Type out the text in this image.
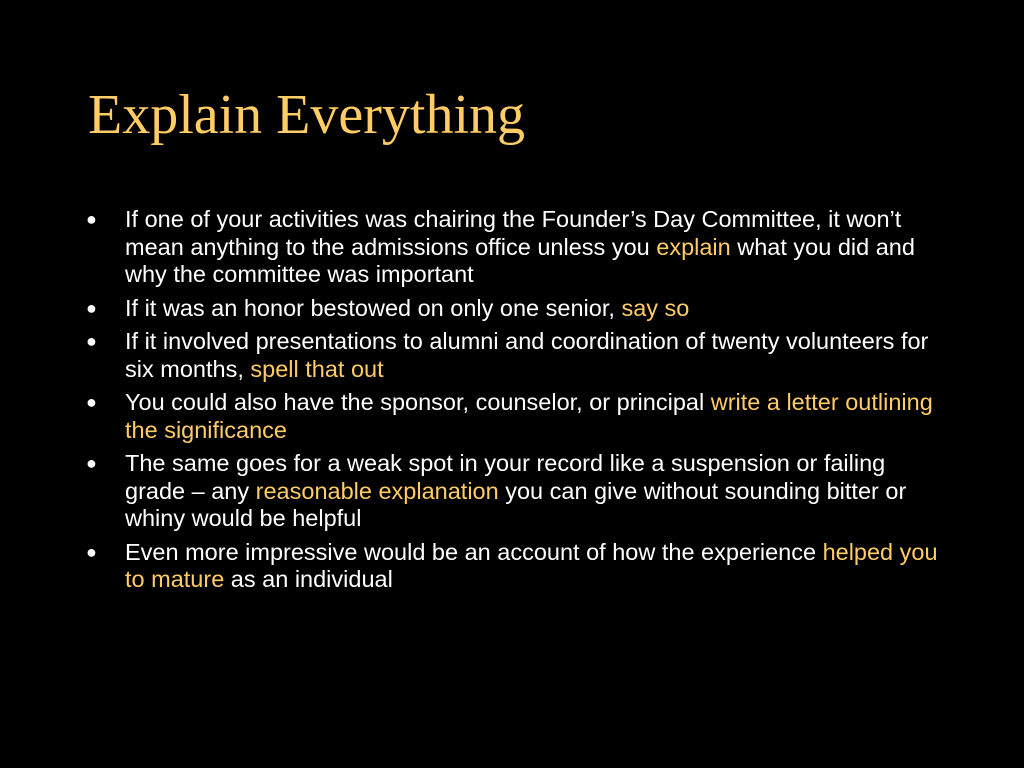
Explain Everything
● If one of your activities was chairing the Founder’s Day Committee, it won’t mean anything to the admissions office unless you explain what you did and why the committee was important
● If it was an honor bestowed on only one senior, say so
● If it involved presentations to alumni and coordination of twenty volunteers for six months, spell that out
● You could also have the sponsor, counselor, or principal write a letter outlining the significance
● The same goes for a weak spot in your record like a suspension or failing grade – any reasonable explanation you can give without sounding bitter or whiny would be helpful
● Even more impressive would be an account of how the experience helped you to mature as an individual
